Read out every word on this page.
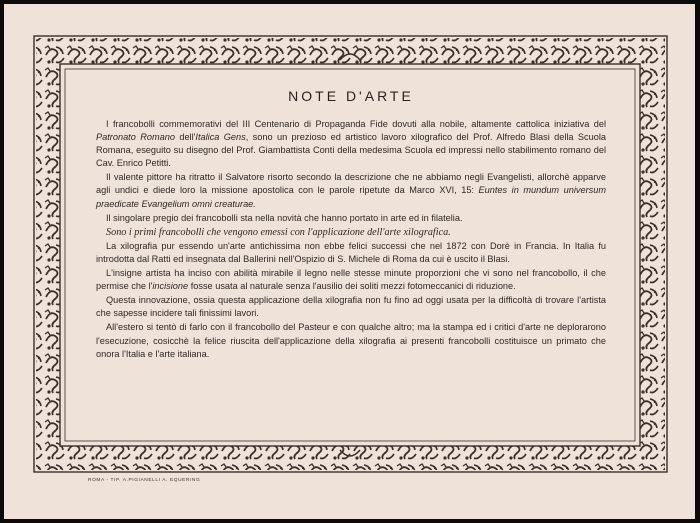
NOTE D'ARTE

I francobolli commemorativi del III Centenario di Propaganda Fide dovuti alla nobile, altamente cattolica iniziativa del Patronato Romano dell'Italica Gens, sono un prezioso ed artistico lavoro xilografico del Prof. Alfredo Blasi della Scuola Romana, eseguito su disegno del Prof. Giambattista Conti della medesima Scuola ed impressi nello stabilimento romano del Cav. Enrico Petitti.

Il valente pittore ha ritratto il Salvatore risorto secondo la descrizione che ne abbiamo negli Evangelisti, allorchè apparve agli undici e diede loro la missione apostolica con le parole ripetute da Marco XVI, 15: Euntes in mundum universum praedicate Evangelium omni creaturae.

Il singolare pregio dei francobolli sta nella novità che hanno portato in arte ed in filatelia.

Sono i primi francobolli che vengono emessi con l'applicazione dell'arte xilografica.

La xilografia pur essendo un'arte antichissima non ebbe felici successi che nel 1872 con Dorè in Francia. In Italia fu introdotta dal Ratti ed insegnata dal Ballerini nell'Ospizio di S. Michele di Roma da cui è uscito il Blasi.

L'insigne artista ha inciso con abilità mirabile il legno nelle stesse minute proporzioni che vi sono nel francobollo, il che permise che l'incisione fosse usata al naturale senza l'ausilio dei soliti mezzi fotomeccanici di riduzione.

Questa innovazione, ossia questa applicazione della xilografia non fu fino ad oggi usata per la difficoltà di trovare l'artista che sapesse incidere tali finissimi lavori.

All'estero si tentò di farlo con il francobollo del Pasteur e con qualche altro; ma la stampa ed i critici d'arte ne deplorarono l'esecuzione, cosicchè la felice riuscita dell'applicazione della xilografia ai presenti francobolli costituisce un primato che onora l'Italia e l'arte italiana.

ROMA - TIP. A.PIGIANELLI A. EQUERING
